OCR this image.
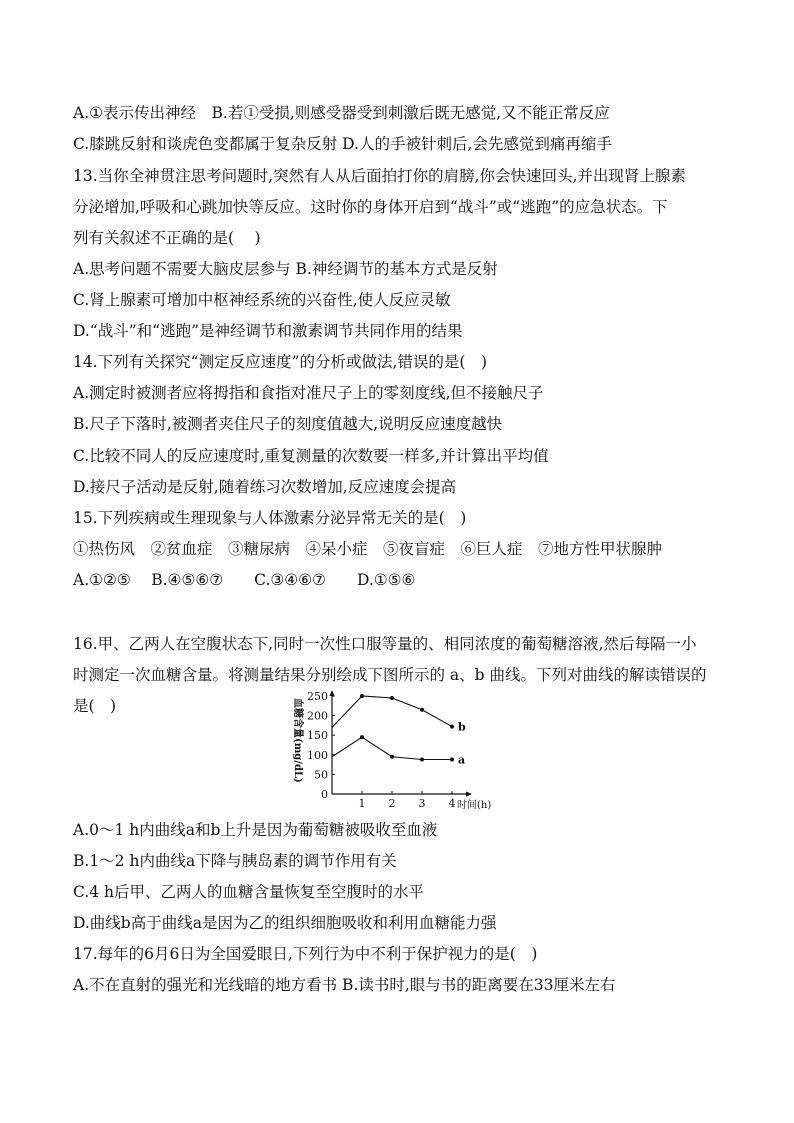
A.①表示传出神经　B.若①受损,则感受器受到刺激后既无感觉,又不能正常反应
C.膝跳反射和谈虎色变都属于复杂反射 D.人的手被针刺后,会先感觉到痛再缩手
13.当你全神贯注思考问题时,突然有人从后面拍打你的肩膀,你会快速回头,并出现肾上腺素
分泌增加,呼吸和心跳加快等反应。这时你的身体开启到“战斗”或“逃跑”的应急状态。下
列有关叙述不正确的是(　 )
A.思考问题不需要大脑皮层参与 B.神经调节的基本方式是反射
C.肾上腺素可增加中枢神经系统的兴奋性,使人反应灵敏
D.“战斗”和“逃跑”是神经调节和激素调节共同作用的结果
14.下列有关探究“测定反应速度”的分析或做法,错误的是(　)
A.测定时被测者应将拇指和食指对准尺子上的零刻度线,但不接触尺子
B.尺子下落时,被测者夹住尺子的刻度值越大,说明反应速度越快
C.比较不同人的反应速度时,重复测量的次数要一样多,并计算出平均值
D.接尺子活动是反射,随着练习次数增加,反应速度会提高
15.下列疾病或生理现象与人体激素分泌异常无关的是(　)
①热伤风　②贫血症　③糖尿病　④呆小症　⑤夜盲症　⑥巨人症　⑦地方性甲状腺肿
A.①②⑤　 B.④⑤⑥⑦　　C.③④⑥⑦　　D.①⑤⑥
16.甲、乙两人在空腹状态下,同时一次性口服等量的、相同浓度的葡萄糖溶液,然后每隔一小
时测定一次血糖含量。将测量结果分别绘成下图所示的 a、b 曲线。下列对曲线的解读错误的
是(　)
A.0～1 h内曲线a和b上升是因为葡萄糖被吸收至血液
B.1～2 h内曲线a下降与胰岛素的调节作用有关
C.4 h后甲、乙两人的血糖含量恢复至空腹时的水平
D.曲线b高于曲线a是因为乙的组织细胞吸收和利用血糖能力强
17.每年的6月6日为全国爱眼日,下列行为中不利于保护视力的是(　)
A.不在直射的强光和光线暗的地方看书 B.读书时,眼与书的距离要在33厘米左右
0
50
100
150
200
250
1 2 3 4
血糖含量(mg/dL)
时间(h)
b
a
